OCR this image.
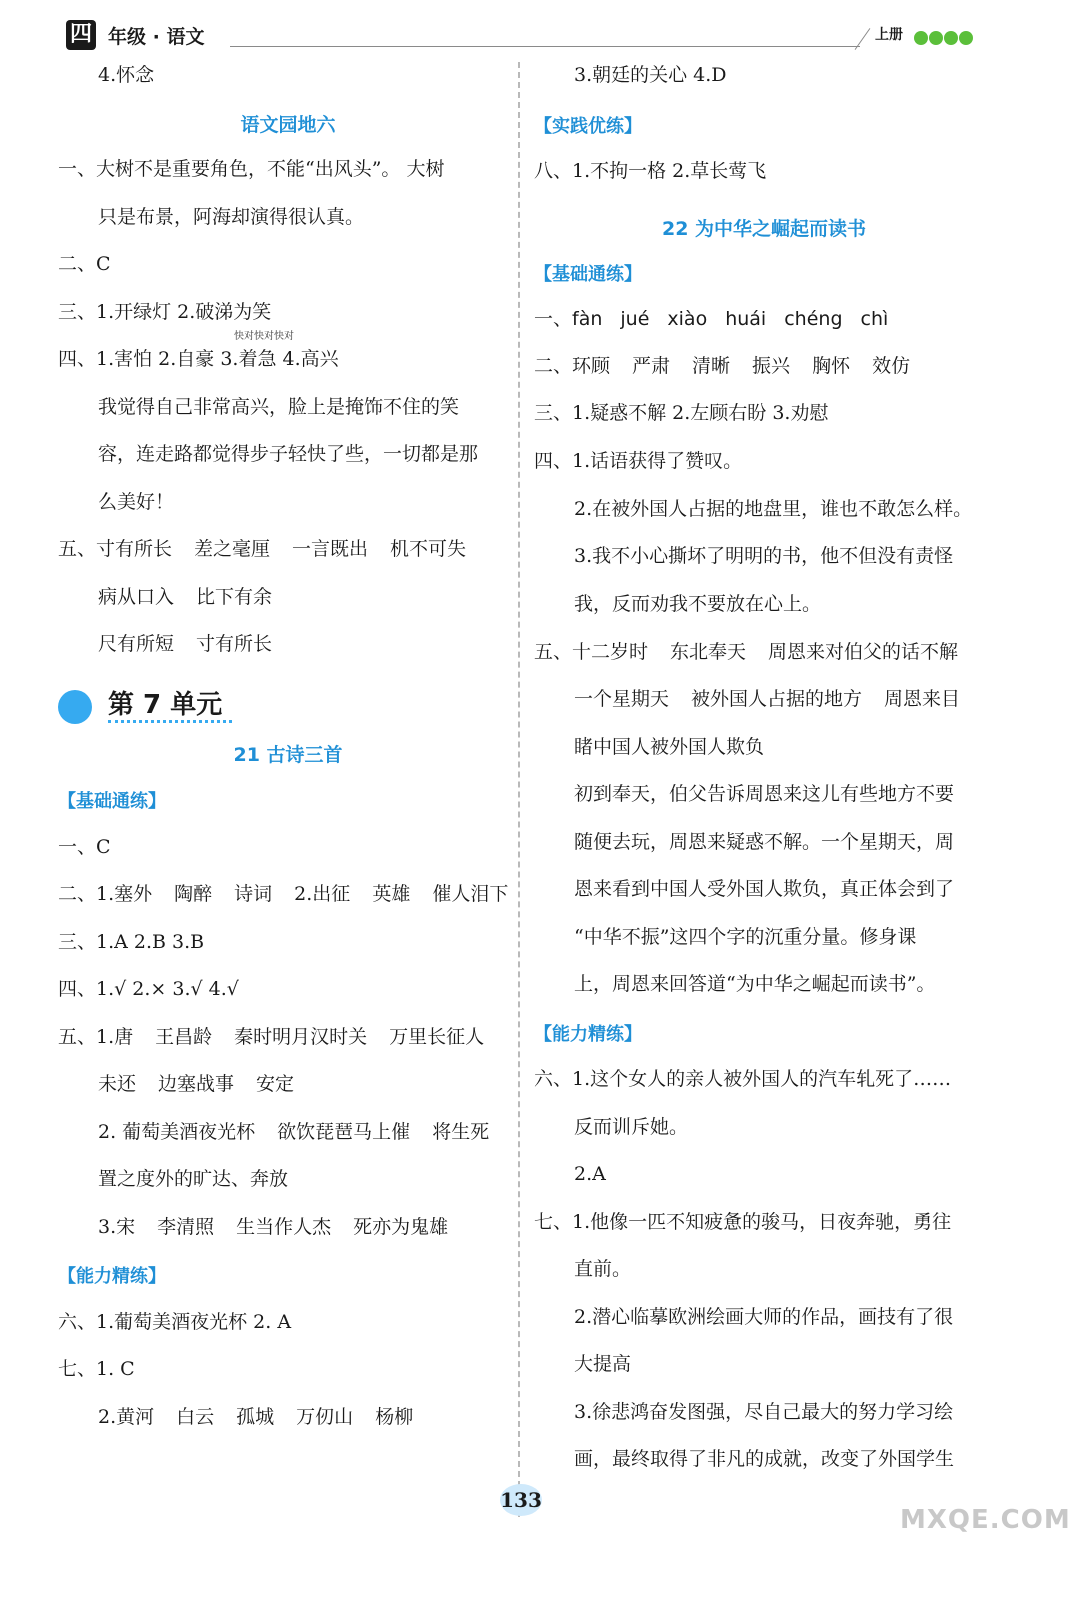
四 年级 · 语文	上册
4.怀念
语文园地六
一、大树不是重要角色，不能“出风头”。 大树
只是布景，阿海却演得很认真。
二、C
三、1.开绿灯 2.破涕为笑
快对快对快对
四、1.害怕 2.自豪 3.着急 4.高兴
我觉得自己非常高兴，脸上是掩饰不住的笑
容，连走路都觉得步子轻快了些，一切都是那
么美好！
五、寸有所长 差之毫厘 一言既出 机不可失
病从口入 比下有余
尺有所短 寸有所长
第 7 单元
21 古诗三首
【基础通练】
一、C
二、1.塞外 陶醉 诗词 2.出征 英雄 催人泪下
三、1.A 2.B 3.B
四、1.√ 2.× 3.√ 4.√
五、1.唐 王昌龄 秦时明月汉时关 万里长征人
未还 边塞战事 安定
2. 葡萄美酒夜光杯 欲饮琵琶马上催 将生死
置之度外的旷达、奔放
3.宋 李清照 生当作人杰 死亦为鬼雄
【能力精练】
六、1.葡萄美酒夜光杯 2. A
七、1. C
2.黄河 白云 孤城 万仞山 杨柳
3.朝廷的关心 4.D
【实践优练】
八、1.不拘一格 2.草长莺飞
22 为中华之崛起而读书
【基础通练】
一、fàn jué xiào huái chéng chì
二、环顾 严肃 清晰 振兴 胸怀 效仿
三、1.疑惑不解 2.左顾右盼 3.劝慰
四、1.话语获得了赞叹。
2.在被外国人占据的地盘里，谁也不敢怎么样。
3.我不小心撕坏了明明的书，他不但没有责怪
我，反而劝我不要放在心上。
五、十二岁时 东北奉天 周恩来对伯父的话不解
一个星期天 被外国人占据的地方 周恩来目
睹中国人被外国人欺负
初到奉天，伯父告诉周恩来这儿有些地方不要
随便去玩，周恩来疑惑不解。一个星期天，周
恩来看到中国人受外国人欺负，真正体会到了
“中华不振”这四个字的沉重分量。修身课
上，周恩来回答道“为中华之崛起而读书”。
【能力精练】
六、1.这个女人的亲人被外国人的汽车轧死了……
反而训斥她。
2.A
七、1.他像一匹不知疲惫的骏马，日夜奔驰，勇往
直前。
2.潜心临摹欧洲绘画大师的作品，画技有了很
大提高
3.徐悲鸿奋发图强，尽自己最大的努力学习绘
画，最终取得了非凡的成就，改变了外国学生
133
MXQE.COM
